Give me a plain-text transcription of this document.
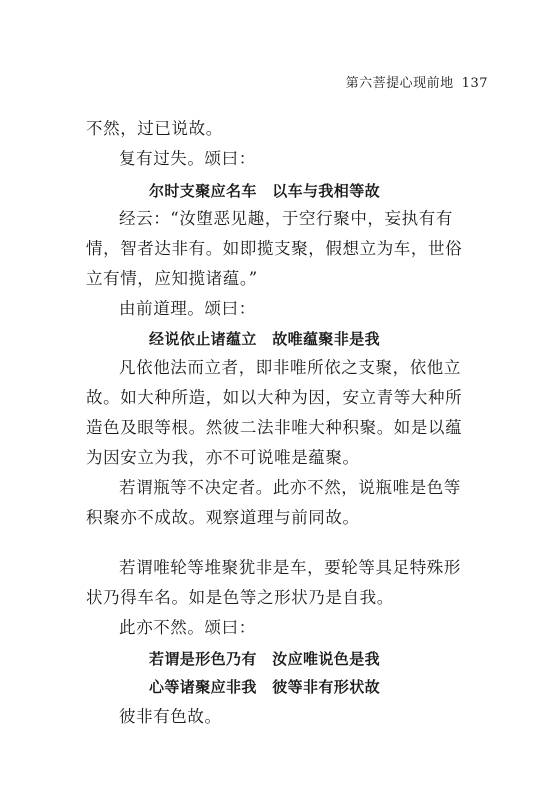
第六菩提心现前地 137
不然，过已说故。
复有过失。颂曰：
尔时支聚应名车　以车与我相等故
经云：“汝堕恶见趣，于空行聚中，妄执有有
情，智者达非有。如即揽支聚，假想立为车，世俗
立有情，应知揽诸蕴。”
由前道理。颂曰：
经说依止诸蕴立　故唯蕴聚非是我
凡依他法而立者，即非唯所依之支聚，依他立
故。如大种所造，如以大种为因，安立青等大种所
造色及眼等根。然彼二法非唯大种积聚。如是以蕴
为因安立为我，亦不可说唯是蕴聚。
若谓瓶等不决定者。此亦不然，说瓶唯是色等
积聚亦不成故。观察道理与前同故。
若谓唯轮等堆聚犹非是车，要轮等具足特殊形
状乃得车名。如是色等之形状乃是自我。
此亦不然。颂曰：
若谓是形色乃有　汝应唯说色是我
心等诸聚应非我　彼等非有形状故
彼非有色故。
